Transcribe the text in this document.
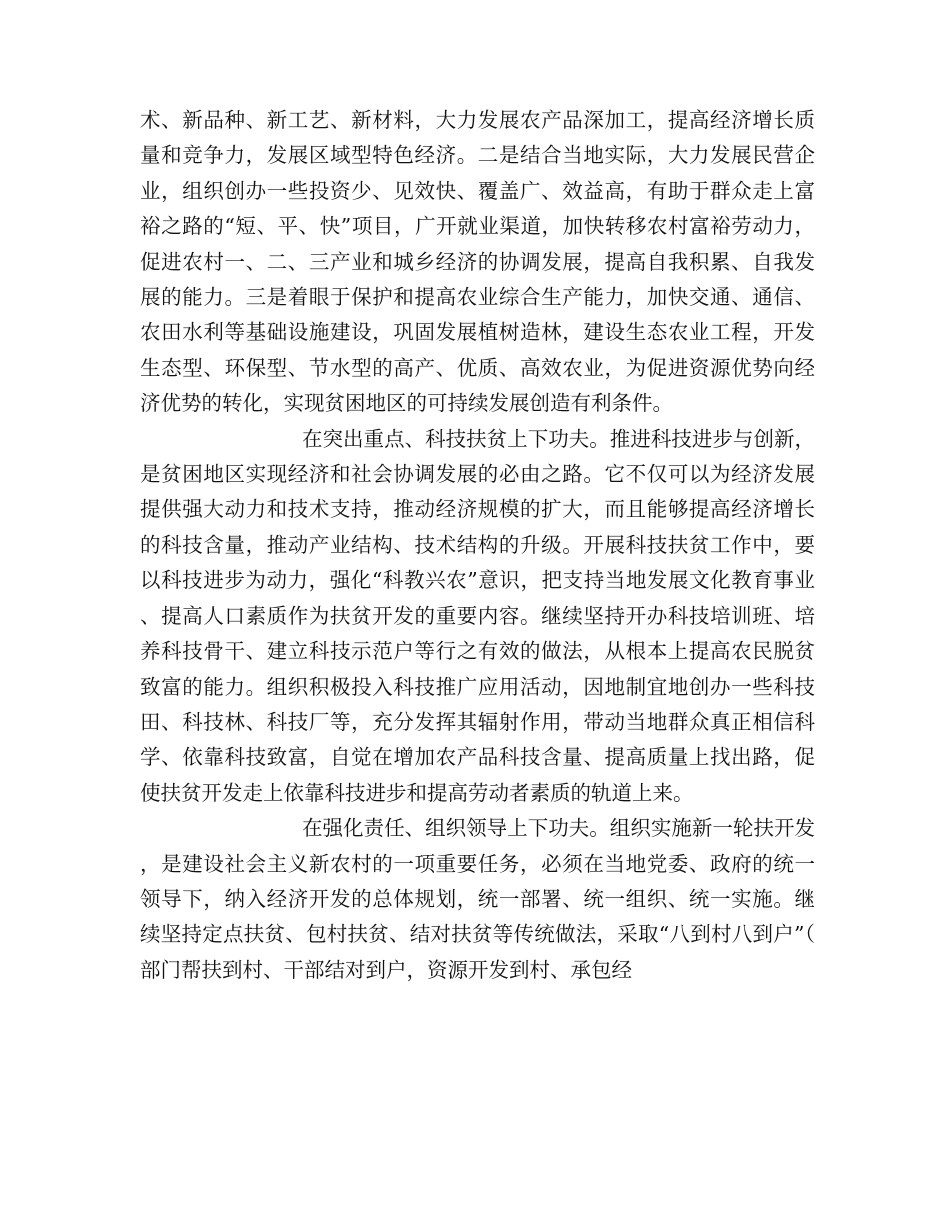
术、新品种、新工艺、新材料，大力发展农产品深加工，提高经济增长质量和竞争力，发展区域型特色经济。二是结合当地实际，大力发展民营企业，组织创办一些投资少、见效快、覆盖广、效益高，有助于群众走上富裕之路的“短、平、快”项目，广开就业渠道，加快转移农村富裕劳动力，促进农村一、二、三产业和城乡经济的协调发展，提高自我积累、自我发展的能力。三是着眼于保护和提高农业综合生产能力，加快交通、通信、农田水利等基础设施建设，巩固发展植树造林，建设生态农业工程，开发生态型、环保型、节水型的高产、优质、高效农业，为促进资源优势向经济优势的转化，实现贫困地区的可持续发展创造有利条件。

在突出重点、科技扶贫上下功夫。推进科技进步与创新，是贫困地区实现经济和社会协调发展的必由之路。它不仅可以为经济发展提供强大动力和技术支持，推动经济规模的扩大，而且能够提高经济增长的科技含量，推动产业结构、技术结构的升级。开展科技扶贫工作中，要以科技进步为动力，强化“科教兴农”意识，把支持当地发展文化教育事业、提高人口素质作为扶贫开发的重要内容。继续坚持开办科技培训班、培养科技骨干、建立科技示范户等行之有效的做法，从根本上提高农民脱贫致富的能力。组织积极投入科技推广应用活动，因地制宜地创办一些科技田、科技林、科技厂等，充分发挥其辐射作用，带动当地群众真正相信科学、依靠科技致富，自觉在增加农产品科技含量、提高质量上找出路，促使扶贫开发走上依靠科技进步和提高劳动者素质的轨道上来。

在强化责任、组织领导上下功夫。组织实施新一轮扶开发，是建设社会主义新农村的一项重要任务，必须在当地党委、政府的统一领导下，纳入经济开发的总体规划，统一部署、统一组织、统一实施。继续坚持定点扶贫、包村扶贫、结对扶贫等传统做法，采取“八到村八到户”（部门帮扶到村、干部结对到户，资源开发到村、承包经
